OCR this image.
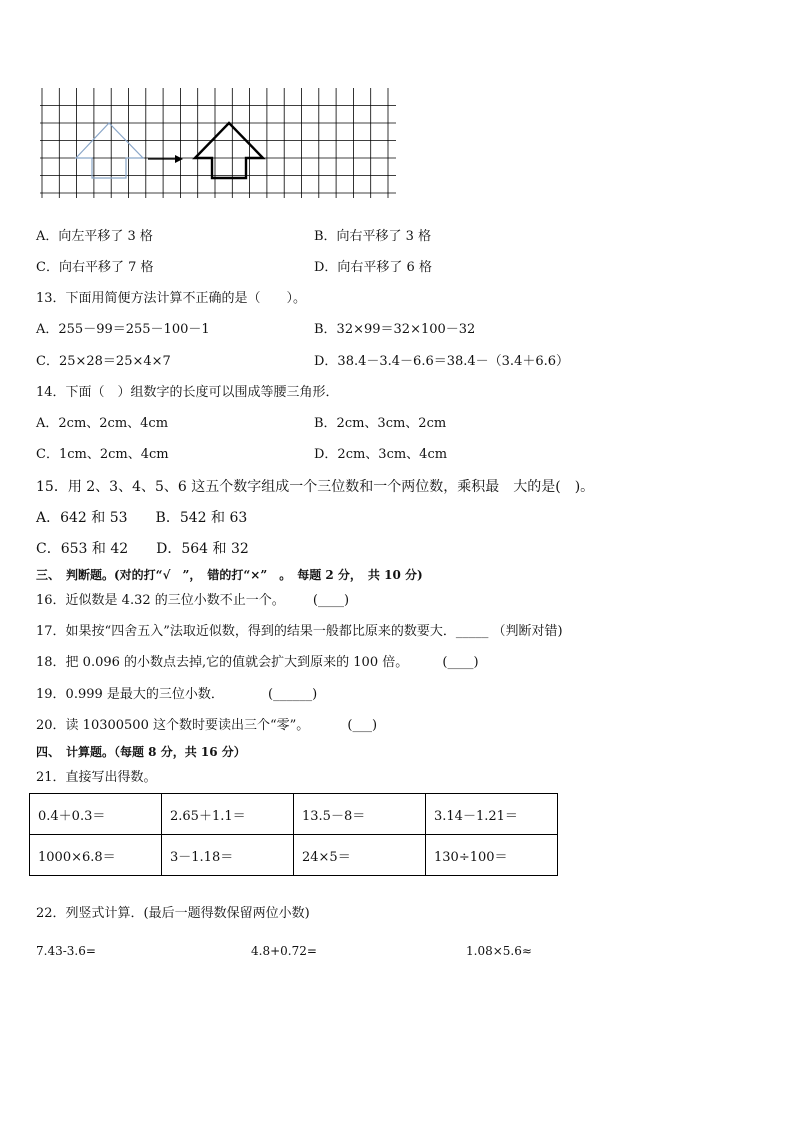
A．向左平移了 3 格	B．向右平移了 3 格
C．向右平移了 7 格	D．向右平移了 6 格
13．下面用简便方法计算不正确的是（　　）。
A．255－99＝255－100－1	B．32×99＝32×100－32
C．25×28＝25×4×7	D．38.4－3.4－6.6＝38.4－（3.4＋6.6）
14．下面（　）组数字的长度可以围成等腰三角形．
A．2cm、2cm、4cm	B．2cm、3cm、2cm
C．1cm、2cm、4cm	D．2cm、3cm、4cm
15．用 2、3、4、5、6 这五个数字组成一个三位数和一个两位数，乘积最　大的是(　)。
A．642 和 53　　B．542 和 63
C．653 和 42　　D．564 和 32
三、　判断题。(对的打“√　”，　错的打“×”　。　每题 2 分，　共 10 分)
16．近似数是 4.32 的三位小数不止一个。 (____)
17．如果按“四舍五入”法取近似数，得到的结果一般都比原来的数要大．_____ （判断对错)
18．把 0.096 的小数点去掉,它的值就会扩大到原来的 100 倍。	(____)
19．0.999 是最大的三位小数．	(______)
20．读 10300500 这个数时要读出三个“零”。	(___)
四、　计算题。（每题 8 分，共 16 分）
21．直接写出得数。
0.4＋0.3＝	2.65＋1.1＝	13.5－8＝	3.14－1.21＝
1000×6.8＝	3－1.18＝	24×5＝	130÷100＝
22．列竖式计算．(最后一题得数保留两位小数)
7.43-3.6=	4.8+0.72=	1.08×5.6≈
